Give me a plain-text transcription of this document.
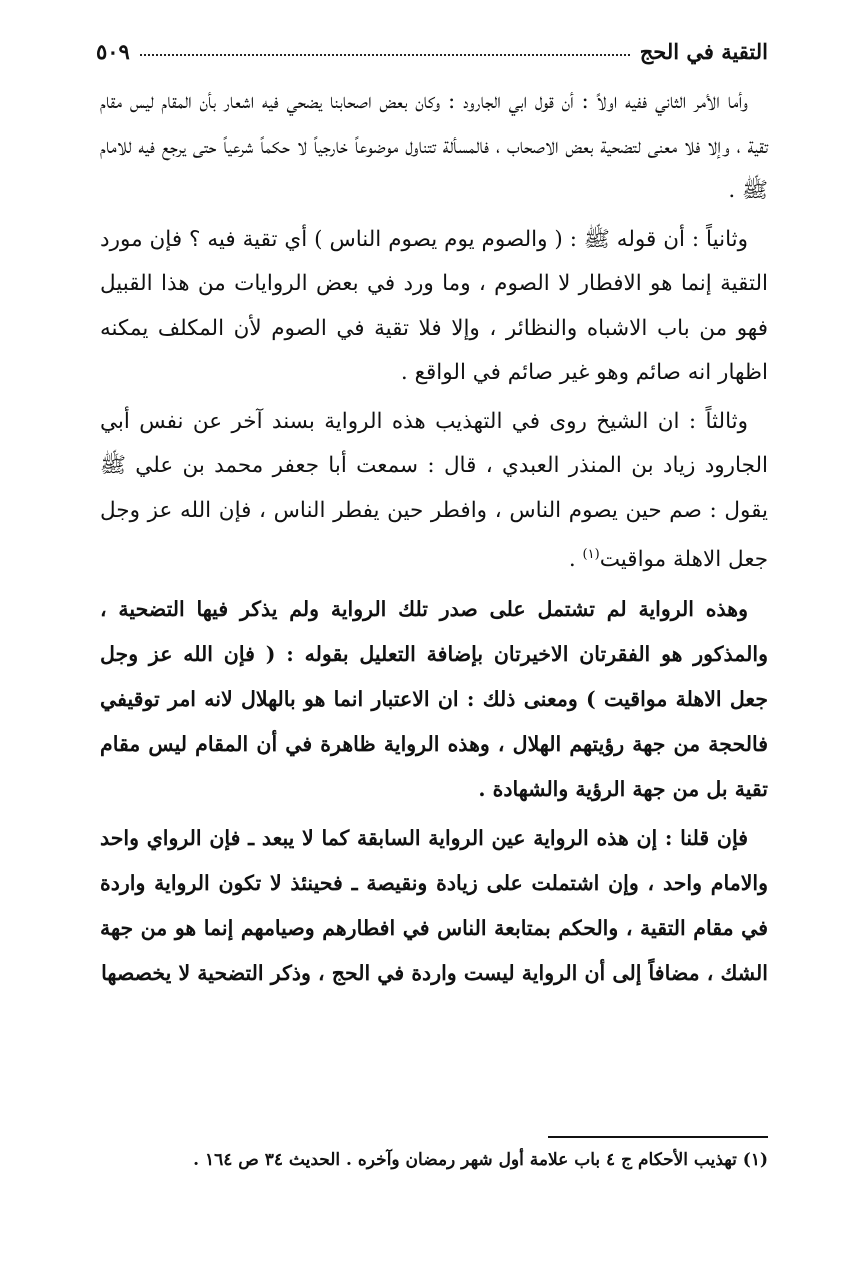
التقية في الحج
٥٠٩

وأما الأمر الثاني ففيه اولاً : أن قول ابي الجارود : وكان بعض اصحابنا يضحي فيه اشعار بأن المقام ليس مقام تقية ، وإلا فلا معنى لتضحية بعض الاصحاب ، فالمسألة تتناول موضوعاً خارجياً لا حكماً شرعياً حتى يرجع فيه للامام ﷺ .

وثانياً : أن قوله ﷺ : ( والصوم يوم يصوم الناس ) أي تقية فيه ؟ فإن مورد التقية إنما هو الافطار لا الصوم ، وما ورد في بعض الروايات من هذا القبيل فهو من باب الاشباه والنظائر ، وإلا فلا تقية في الصوم لأن المكلف يمكنه اظهار انه صائم وهو غير صائم في الواقع .

وثالثاً : ان الشيخ روى في التهذيب هذه الرواية بسند آخر عن نفس أبي الجارود زياد بن المنذر العبدي ، قال : سمعت أبا جعفر محمد بن علي ﷺ يقول : صم حين يصوم الناس ، وافطر حين يفطر الناس ، فإن الله عز وجل جعل الاهلة مواقيت$^{(١)}$ .

وهذه الرواية لم تشتمل على صدر تلك الرواية ولم يذكر فيها التضحية ، والمذكور هو الفقرتان الاخيرتان بإضافة التعليل بقوله : ( فإن الله عز وجل جعل الاهلة مواقيت ) ومعنى ذلك : ان الاعتبار انما هو بالهلال لانه امر توقيفي فالحجة من جهة رؤيتهم الهلال ، وهذه الرواية ظاهرة في أن المقام ليس مقام تقية بل من جهة الرؤية والشهادة .

فإن قلنا : إن هذه الرواية عين الرواية السابقة كما لا يبعد ـ فإن الرواي واحد والامام واحد ، وإن اشتملت على زيادة ونقيصة ـ فحينئذ لا تكون الرواية واردة في مقام التقية ، والحكم بمتابعة الناس في افطارهم وصيامهم إنما هو من جهة الشك ، مضافاً إلى أن الرواية ليست واردة في الحج ، وذكر التضحية لا يخصصها

(١) تهذيب الأحكام ج ٤ باب علامة أول شهر رمضان وآخره . الحديث ٣٤ ص ١٦٤ .
